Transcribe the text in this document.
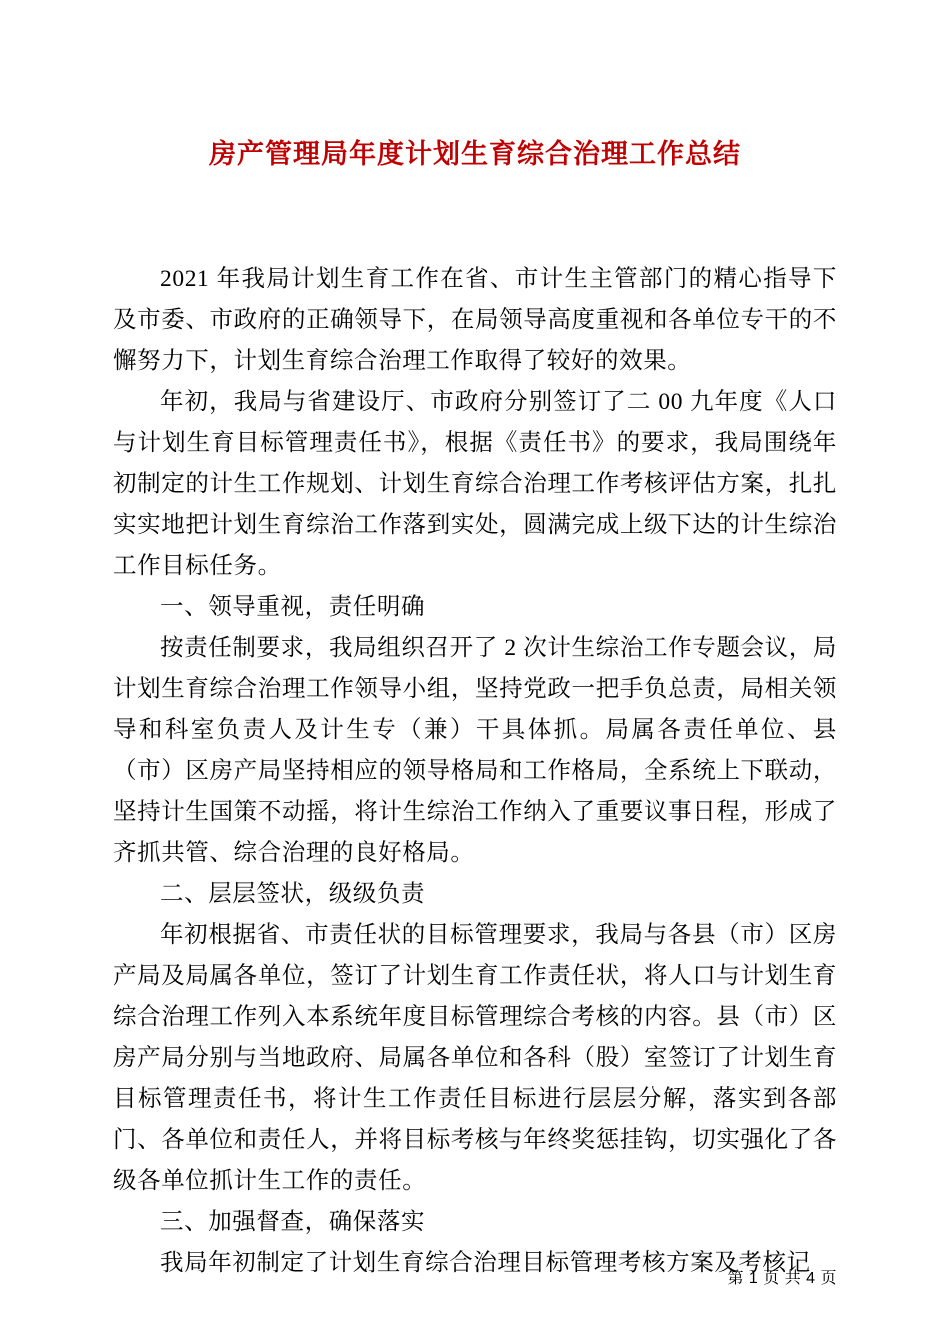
房产管理局年度计划生育综合治理工作总结

2021 年我局计划生育工作在省、市计生主管部门的精心指导下及市委、市政府的正确领导下，在局领导高度重视和各单位专干的不懈努力下，计划生育综合治理工作取得了较好的效果。

年初，我局与省建设厅、市政府分别签订了二 00 九年度《人口与计划生育目标管理责任书》，根据《责任书》的要求，我局围绕年初制定的计生工作规划、计划生育综合治理工作考核评估方案，扎扎实实地把计划生育综治工作落到实处，圆满完成上级下达的计生综治工作目标任务。

一、领导重视，责任明确

按责任制要求，我局组织召开了 2 次计生综治工作专题会议，局计划生育综合治理工作领导小组，坚持党政一把手负总责，局相关领导和科室负责人及计生专（兼）干具体抓。局属各责任单位、县（市）区房产局坚持相应的领导格局和工作格局，全系统上下联动，坚持计生国策不动摇，将计生综治工作纳入了重要议事日程，形成了齐抓共管、综合治理的良好格局。

二、层层签状，级级负责

年初根据省、市责任状的目标管理要求，我局与各县（市）区房产局及局属各单位，签订了计划生育工作责任状，将人口与计划生育综合治理工作列入本系统年度目标管理综合考核的内容。县（市）区房产局分别与当地政府、局属各单位和各科（股）室签订了计划生育目标管理责任书，将计生工作责任目标进行层层分解，落实到各部门、各单位和责任人，并将目标考核与年终奖惩挂钩，切实强化了各级各单位抓计生工作的责任。

三、加强督查，确保落实

我局年初制定了计划生育综合治理目标管理考核方案及考核记

第 1 页 共 4 页
